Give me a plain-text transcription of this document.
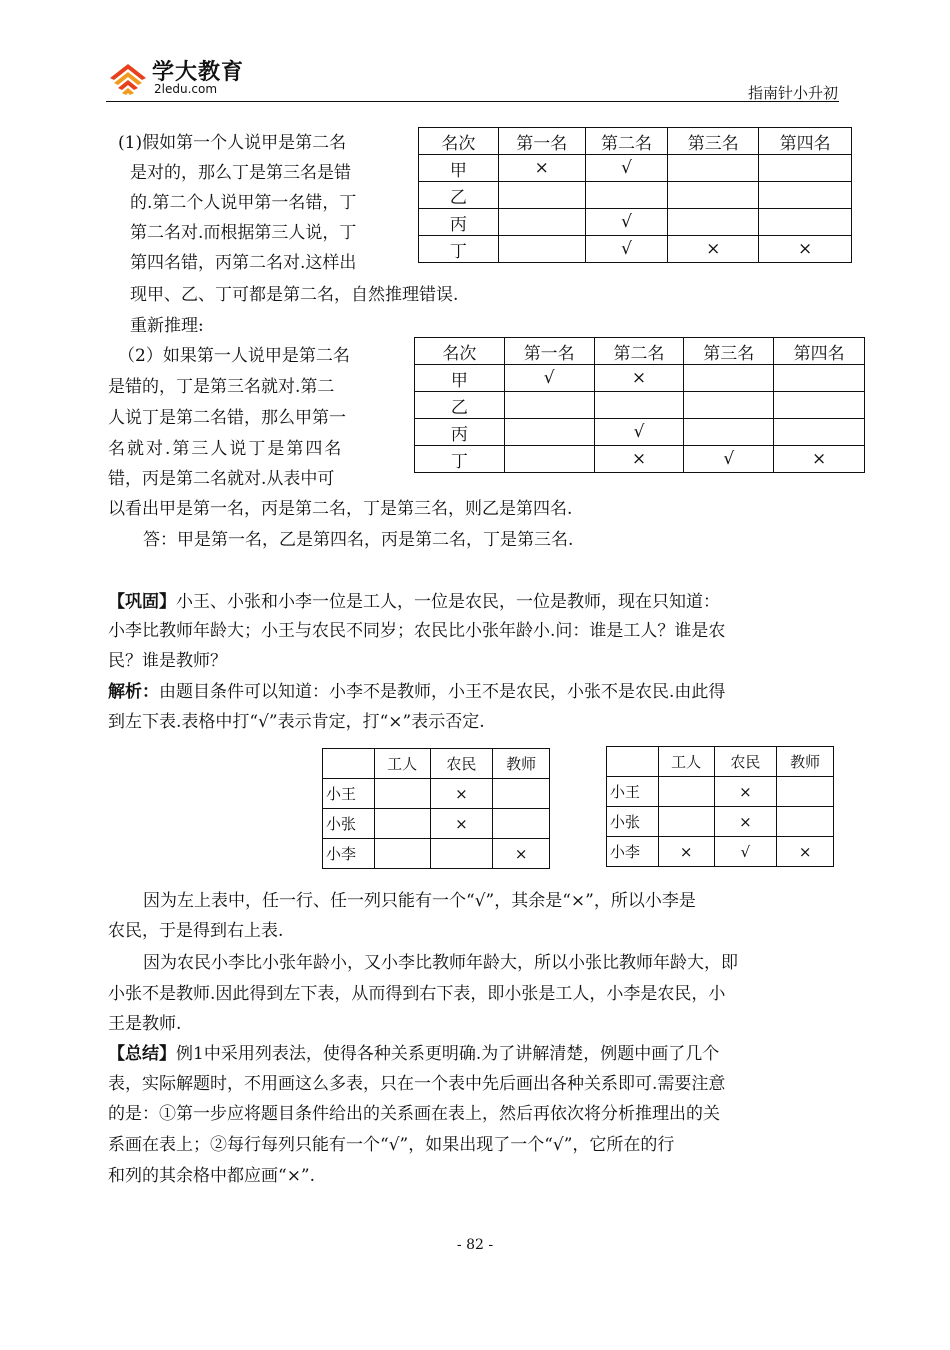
学大教育
2ledu.com	指南针小升初
(1)假如第一个人说甲是第二名
是对的，那么丁是第三名是错
的.第二个人说甲第一名错，丁
第二名对.而根据第三人说，丁
第四名错，丙第二名对.这样出
现甲、乙、丁可都是第二名，自然推理错误.
重新推理:
名次	第一名	第二名	第三名	第四名
甲	×	√		
乙				
丙		√		
丁		√	×	×
（2）如果第一人说甲是第二名
是错的，丁是第三名就对.第二
人说丁是第二名错，那么甲第一
名就对.第三人说丁是第四名
错，丙是第二名就对.从表中可
以看出甲是第一名，丙是第二名，丁是第三名，则乙是第四名.
答：甲是第一名，乙是第四名，丙是第二名，丁是第三名.
名次	第一名	第二名	第三名	第四名
甲	√	×		
乙				
丙		√		
丁		×	√	×
【巩固】小王、小张和小李一位是工人，一位是农民，一位是教师，现在只知道：
小李比教师年龄大；小王与农民不同岁；农民比小张年龄小.问：谁是工人？谁是农
民？谁是教师？
解析：由题目条件可以知道：小李不是教师，小王不是农民，小张不是农民.由此得
到左下表.表格中打“√”表示肯定，打“×”表示否定.
	工人	农民	教师
小王		×	
小张		×	
小李			×
	工人	农民	教师
小王		×	
小张		×	
小李	×	√	×
因为左上表中，任一行、任一列只能有一个“√”，其余是“×”，所以小李是
农民，于是得到右上表.
因为农民小李比小张年龄小，又小李比教师年龄大，所以小张比教师年龄大，即
小张不是教师.因此得到左下表，从而得到右下表，即小张是工人，小李是农民，小
王是教师.
【总结】例1中采用列表法，使得各种关系更明确.为了讲解清楚，例题中画了几个
表，实际解题时，不用画这么多表，只在一个表中先后画出各种关系即可.需要注意
的是：①第一步应将题目条件给出的关系画在表上，然后再依次将分析推理出的关
系画在表上；②每行每列只能有一个“√”，如果出现了一个“√”，它所在的行
和列的其余格中都应画“×”.
- 82 -
